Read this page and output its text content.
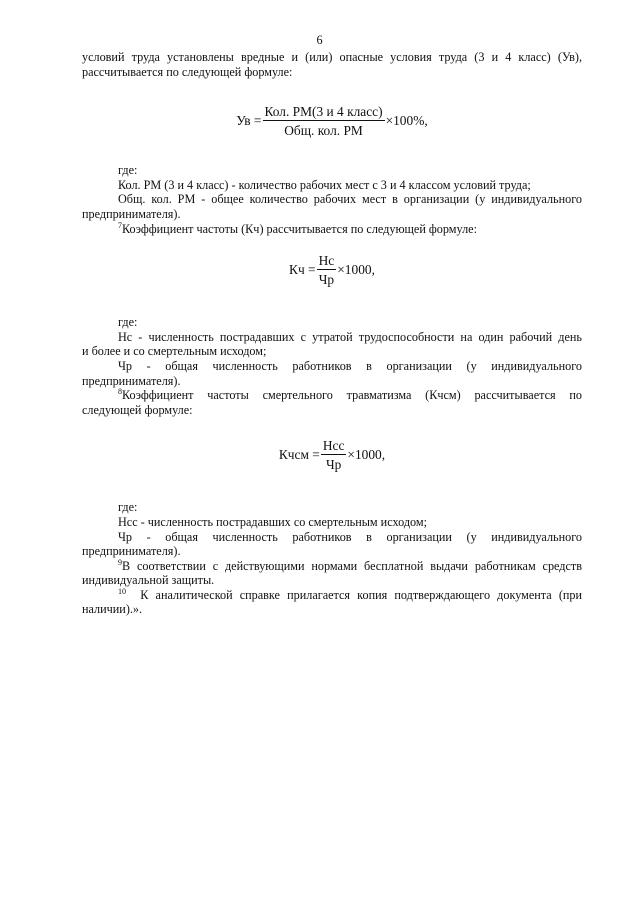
6

условий труда установлены вредные и (или) опасные условия труда (3 и 4 класс) (Ув),

рассчитывается по следующей формуле:

Ув = $\frac{\text{Кол. РМ(3 и 4 класс)}}{\text{Общ. кол. РМ}} \times 100\%$,

где:

Кол. РМ (3 и 4 класс) - количество рабочих мест с 3 и 4 классом условий труда;

Общ. кол. РМ - общее количество рабочих мест в организации (у индивидуального

предпринимателя).

$^7$Коэффициент частоты (Кч) рассчитывается по следующей формуле:

Кч = $\frac{Нс}{Чр} \times 1000$,

где:

Нс - численность пострадавших с утратой трудоспособности на один рабочий день

и более и со смертельным исходом;

Чр - общая численность работников в организации (у индивидуального

предпринимателя).

$^8$Коэффициент частоты смертельного травматизма (Кчсм) рассчитывается по

следующей формуле:

Кчсм = $\frac{\text{Нсс}}{Чр} \times 1000$,

где:

Нсс - численность пострадавших со смертельным исходом;

Чр - общая численность работников в организации (у индивидуального

предпринимателя).

$^9$В соответствии с действующими нормами бесплатной выдачи работникам средств

индивидуальной защиты.

$^{10}$ К аналитической справке прилагается копия подтверждающего документа (при

наличии).».
